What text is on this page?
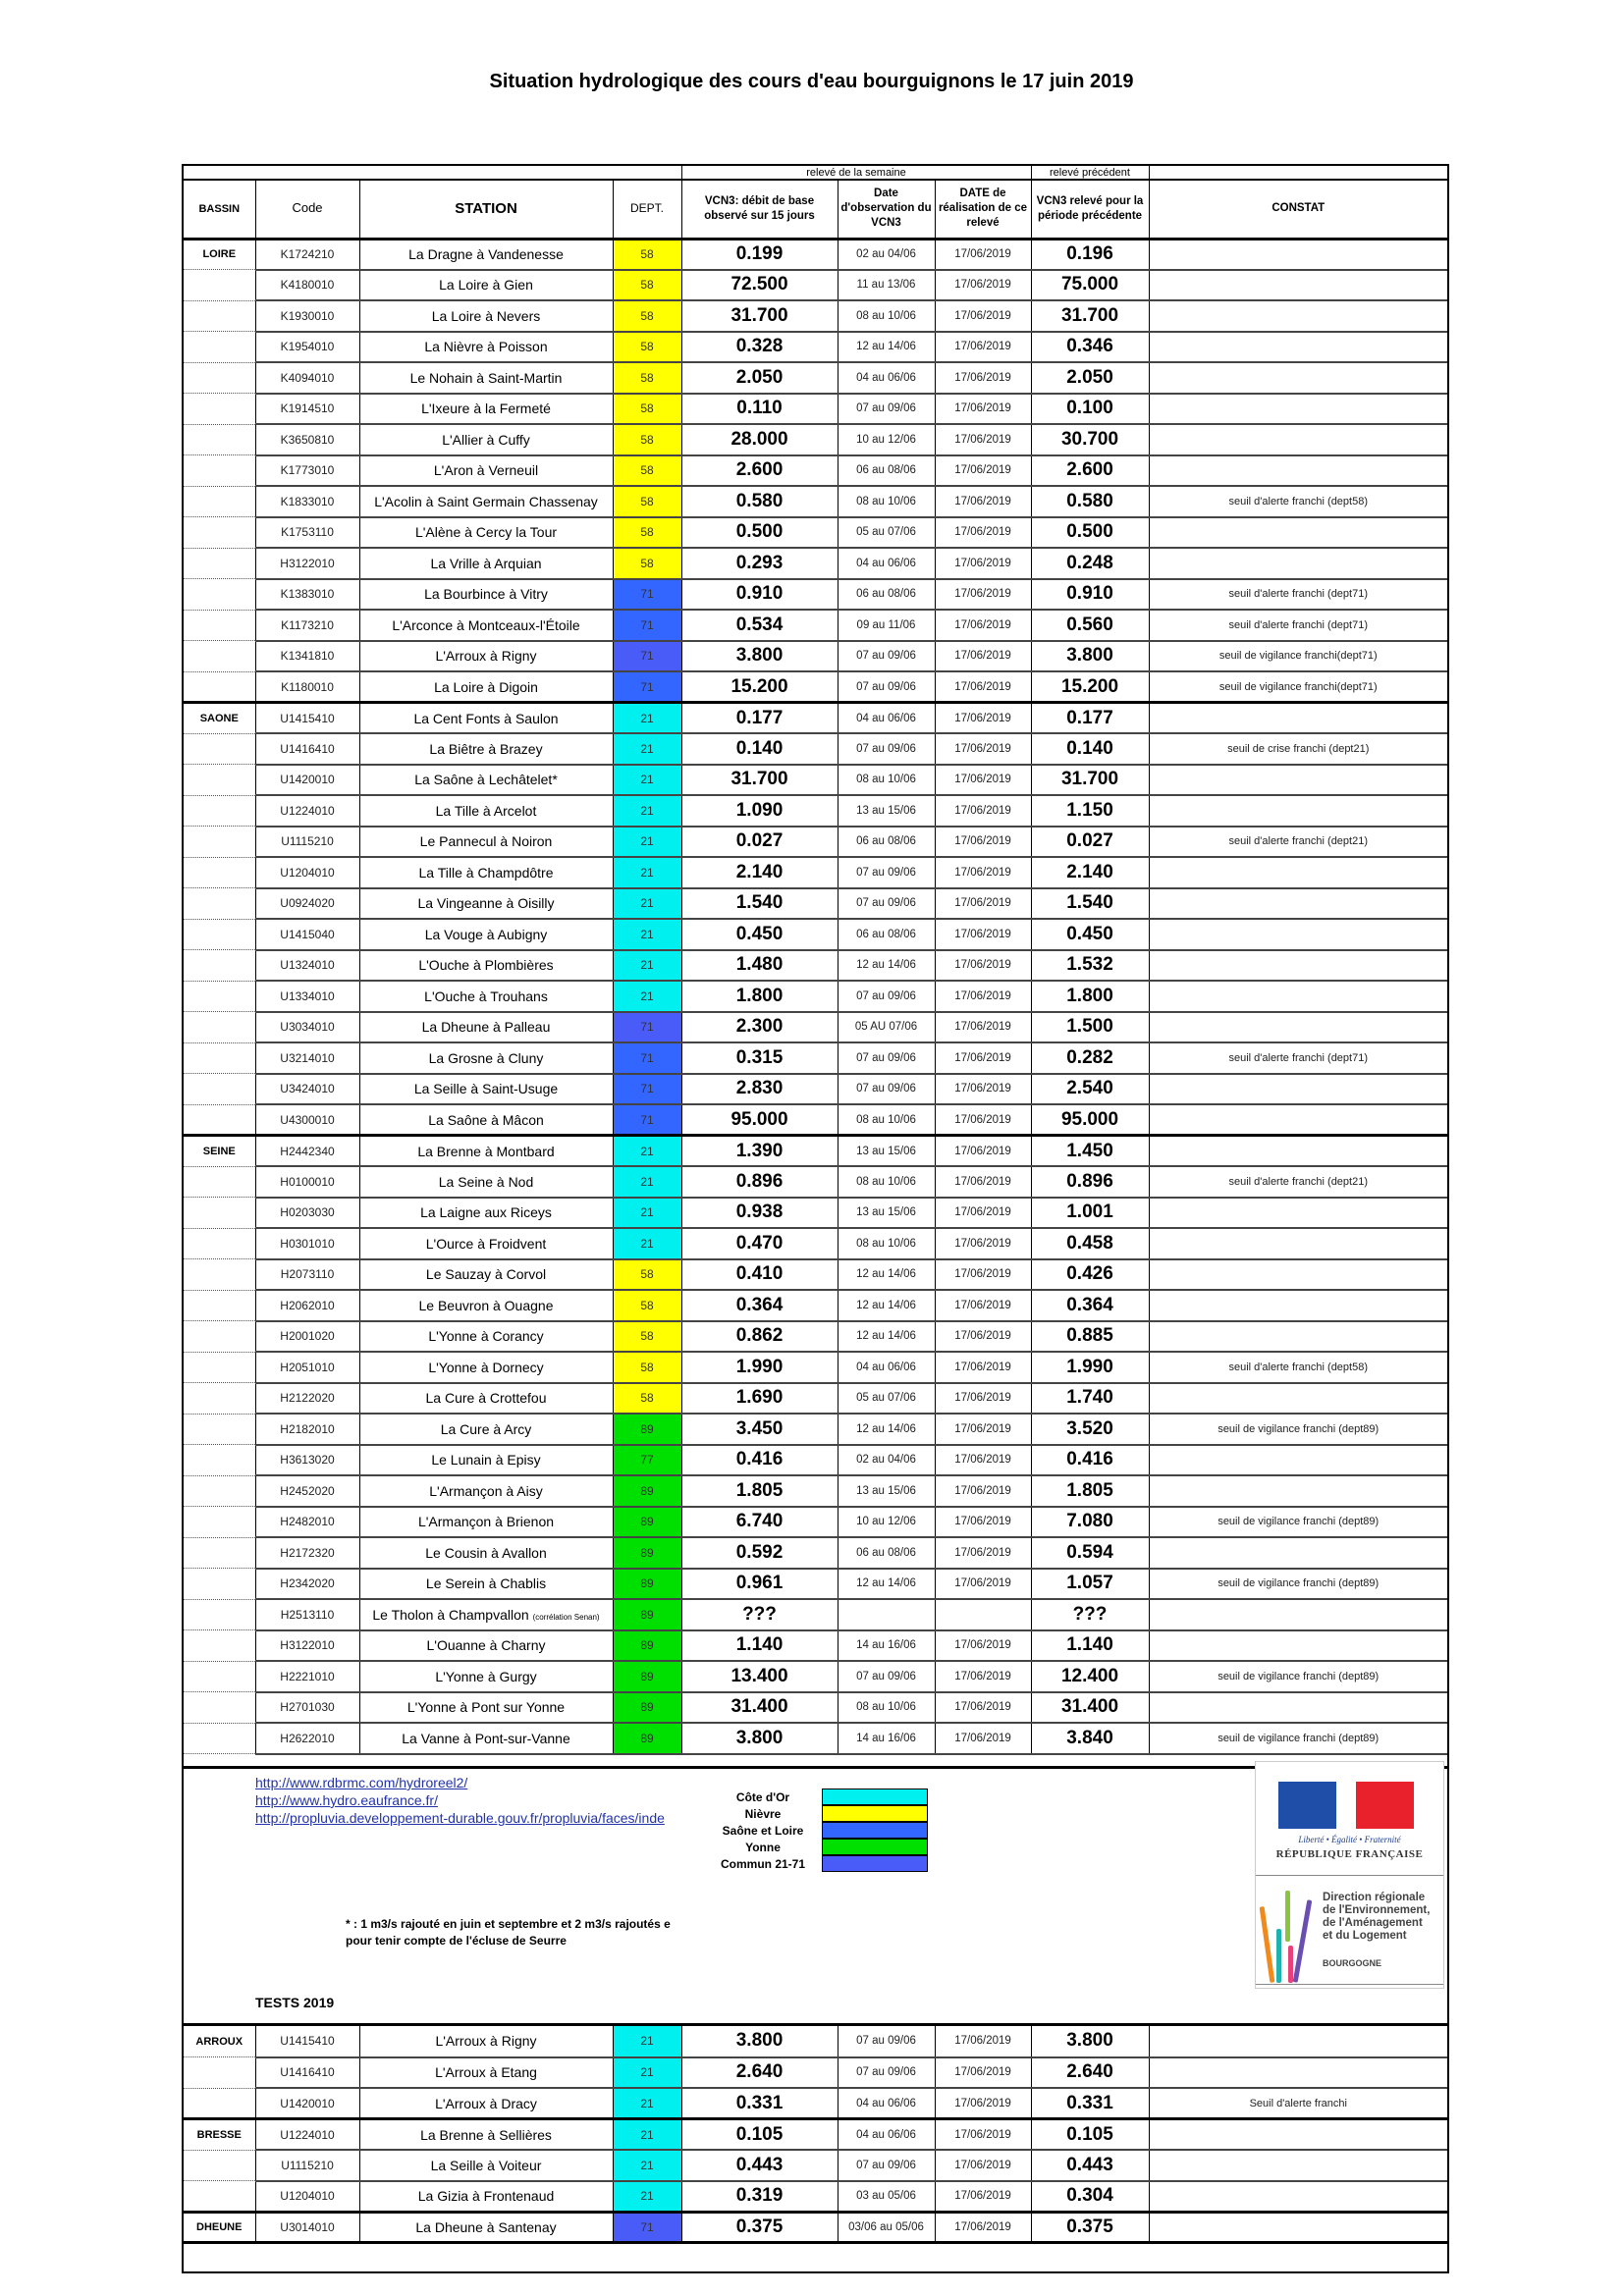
Situation hydrologique des cours d'eau bourguignons le 17 juin 2019
				relevé de la semaine			relevé précédent	
BASSIN	Code	STATION	DEPT.	VCN3: débit de base observé sur 15 jours	Date d'observation du VCN3	DATE de réalisation de ce relevé	VCN3 relevé pour la période précédente	CONSTAT
LOIRE	K1724210	La Dragne à Vandenesse	58	0.199	02 au 04/06	17/06/2019	0.196	
	K4180010	La Loire à Gien	58	72.500	11 au 13/06	17/06/2019	75.000	
	K1930010	La Loire à Nevers	58	31.700	08 au 10/06	17/06/2019	31.700	
	K1954010	La Nièvre à Poisson	58	0.328	12 au 14/06	17/06/2019	0.346	
	K4094010	Le Nohain à Saint-Martin	58	2.050	04 au 06/06	17/06/2019	2.050	
	K1914510	L'Ixeure à la Fermeté	58	0.110	07 au 09/06	17/06/2019	0.100	
	K3650810	L'Allier à Cuffy	58	28.000	10 au 12/06	17/06/2019	30.700	
	K1773010	L'Aron à Verneuil	58	2.600	06 au 08/06	17/06/2019	2.600	
	K1833010	L'Acolin à Saint Germain Chassenay	58	0.580	08 au 10/06	17/06/2019	0.580	seuil d'alerte franchi (dept58)
	K1753110	L'Alène à Cercy la Tour	58	0.500	05 au 07/06	17/06/2019	0.500	
	H3122010	La Vrille à Arquian	58	0.293	04 au 06/06	17/06/2019	0.248	
	K1383010	La Bourbince à Vitry	71	0.910	06 au 08/06	17/06/2019	0.910	seuil d'alerte franchi (dept71)
	K1173210	L'Arconce à Montceaux-l'Étoile	71	0.534	09 au 11/06	17/06/2019	0.560	seuil d'alerte franchi (dept71)
	K1341810	L'Arroux à Rigny	71	3.800	07 au 09/06	17/06/2019	3.800	seuil de vigilance franchi(dept71)
	K1180010	La Loire à Digoin	71	15.200	07 au 09/06	17/06/2019	15.200	seuil de vigilance franchi(dept71)
SAONE	U1415410	La Cent Fonts à Saulon	21	0.177	04 au 06/06	17/06/2019	0.177	
	U1416410	La Biêtre à Brazey	21	0.140	07 au 09/06	17/06/2019	0.140	seuil de crise franchi (dept21)
	U1420010	La Saône à Lechâtelet*	21	31.700	08 au 10/06	17/06/2019	31.700	
	U1224010	La Tille à Arcelot	21	1.090	13 au 15/06	17/06/2019	1.150	
	U1115210	Le Pannecul à Noiron	21	0.027	06 au 08/06	17/06/2019	0.027	seuil d'alerte franchi (dept21)
	U1204010	La Tille à Champdôtre	21	2.140	07 au 09/06	17/06/2019	2.140	
	U0924020	La Vingeanne à Oisilly	21	1.540	07 au 09/06	17/06/2019	1.540	
	U1415040	La Vouge à Aubigny	21	0.450	06 au 08/06	17/06/2019	0.450	
	U1324010	L'Ouche à Plombières	21	1.480	12 au 14/06	17/06/2019	1.532	
	U1334010	L'Ouche à Trouhans	21	1.800	07 au 09/06	17/06/2019	1.800	
	U3034010	La Dheune à Palleau	71	2.300	05 AU 07/06	17/06/2019	1.500	
	U3214010	La Grosne à Cluny	71	0.315	07 au 09/06	17/06/2019	0.282	seuil d'alerte franchi (dept71)
	U3424010	La Seille à Saint-Usuge	71	2.830	07 au 09/06	17/06/2019	2.540	
	U4300010	La Saône à Mâcon	71	95.000	08 au 10/06	17/06/2019	95.000	
SEINE	H2442340	La Brenne à Montbard	21	1.390	13 au 15/06	17/06/2019	1.450	
	H0100010	La Seine à Nod	21	0.896	08 au 10/06	17/06/2019	0.896	seuil d'alerte franchi (dept21)
	H0203030	La Laigne aux Riceys	21	0.938	13 au 15/06	17/06/2019	1.001	
	H0301010	L'Ource à Froidvent	21	0.470	08 au 10/06	17/06/2019	0.458	
	H2073110	Le Sauzay à Corvol	58	0.410	12 au 14/06	17/06/2019	0.426	
	H2062010	Le Beuvron à Ouagne	58	0.364	12 au 14/06	17/06/2019	0.364	
	H2001020	L'Yonne à Corancy	58	0.862	12 au 14/06	17/06/2019	0.885	
	H2051010	L'Yonne à Dornecy	58	1.990	04 au 06/06	17/06/2019	1.990	seuil d'alerte franchi (dept58)
	H2122020	La Cure à Crottefou	58	1.690	05 au 07/06	17/06/2019	1.740	
	H2182010	La Cure à Arcy	89	3.450	12 au 14/06	17/06/2019	3.520	seuil de vigilance franchi (dept89)
	H3613020	Le Lunain à Episy	77	0.416	02 au 04/06	17/06/2019	0.416	
	H2452020	L'Armançon à Aisy	89	1.805	13 au 15/06	17/06/2019	1.805	
	H2482010	L'Armançon à Brienon	89	6.740	10 au 12/06	17/06/2019	7.080	seuil de vigilance franchi (dept89)
	H2172320	Le Cousin à Avallon	89	0.592	06 au 08/06	17/06/2019	0.594	
	H2342020	Le Serein à Chablis	89	0.961	12 au 14/06	17/06/2019	1.057	seuil de vigilance franchi (dept89)
	H2513110	Le Tholon à Champvallon (corrélation Senan)	89	???			???	
	H3122010	L'Ouanne à Charny	89	1.140	14 au 16/06	17/06/2019	1.140	
	H2221010	L'Yonne à Gurgy	89	13.400	07 au 09/06	17/06/2019	12.400	seuil de vigilance franchi (dept89)
	H2701030	L'Yonne à Pont sur Yonne	89	31.400	08 au 10/06	17/06/2019	31.400	
	H2622010	La Vanne à Pont-sur-Vanne	89	3.800	14 au 16/06	17/06/2019	3.840	seuil de vigilance franchi (dept89)

http://www.rdbrmc.com/hydroreel2/
http://www.hydro.eaufrance.fr/
http://propluvia.developpement-durable.gouv.fr/propluvia/faces/inde
Côte d'Or
Nièvre
Saône et Loire
Yonne
Commun 21-71
* : 1 m3/s rajouté en juin et septembre et 2 m3/s rajoutés e
pour tenir compte de l'écluse de Seurre
TESTS 2019
Liberté • Égalité • Fraternité
RÉPUBLIQUE FRANÇAISE
Direction régionale
de l'Environnement,
de l'Aménagement
et du Logement
BOURGOGNE
ARROUX	U1415410	L'Arroux à Rigny	21	3.800	07 au 09/06	17/06/2019	3.800	
	U1416410	L'Arroux à Etang	21	2.640	07 au 09/06	17/06/2019	2.640	
	U1420010	L'Arroux à Dracy	21	0.331	04 au 06/06	17/06/2019	0.331	Seuil d'alerte franchi
BRESSE	U1224010	La Brenne à Sellières	21	0.105	04 au 06/06	17/06/2019	0.105	
	U1115210	La Seille à Voiteur	21	0.443	07 au 09/06	17/06/2019	0.443	
	U1204010	La Gizia à Frontenaud	21	0.319	03 au 05/06	17/06/2019	0.304	
DHEUNE	U3014010	La Dheune à Santenay	71	0.375	03/06 au 05/06	17/06/2019	0.375	
